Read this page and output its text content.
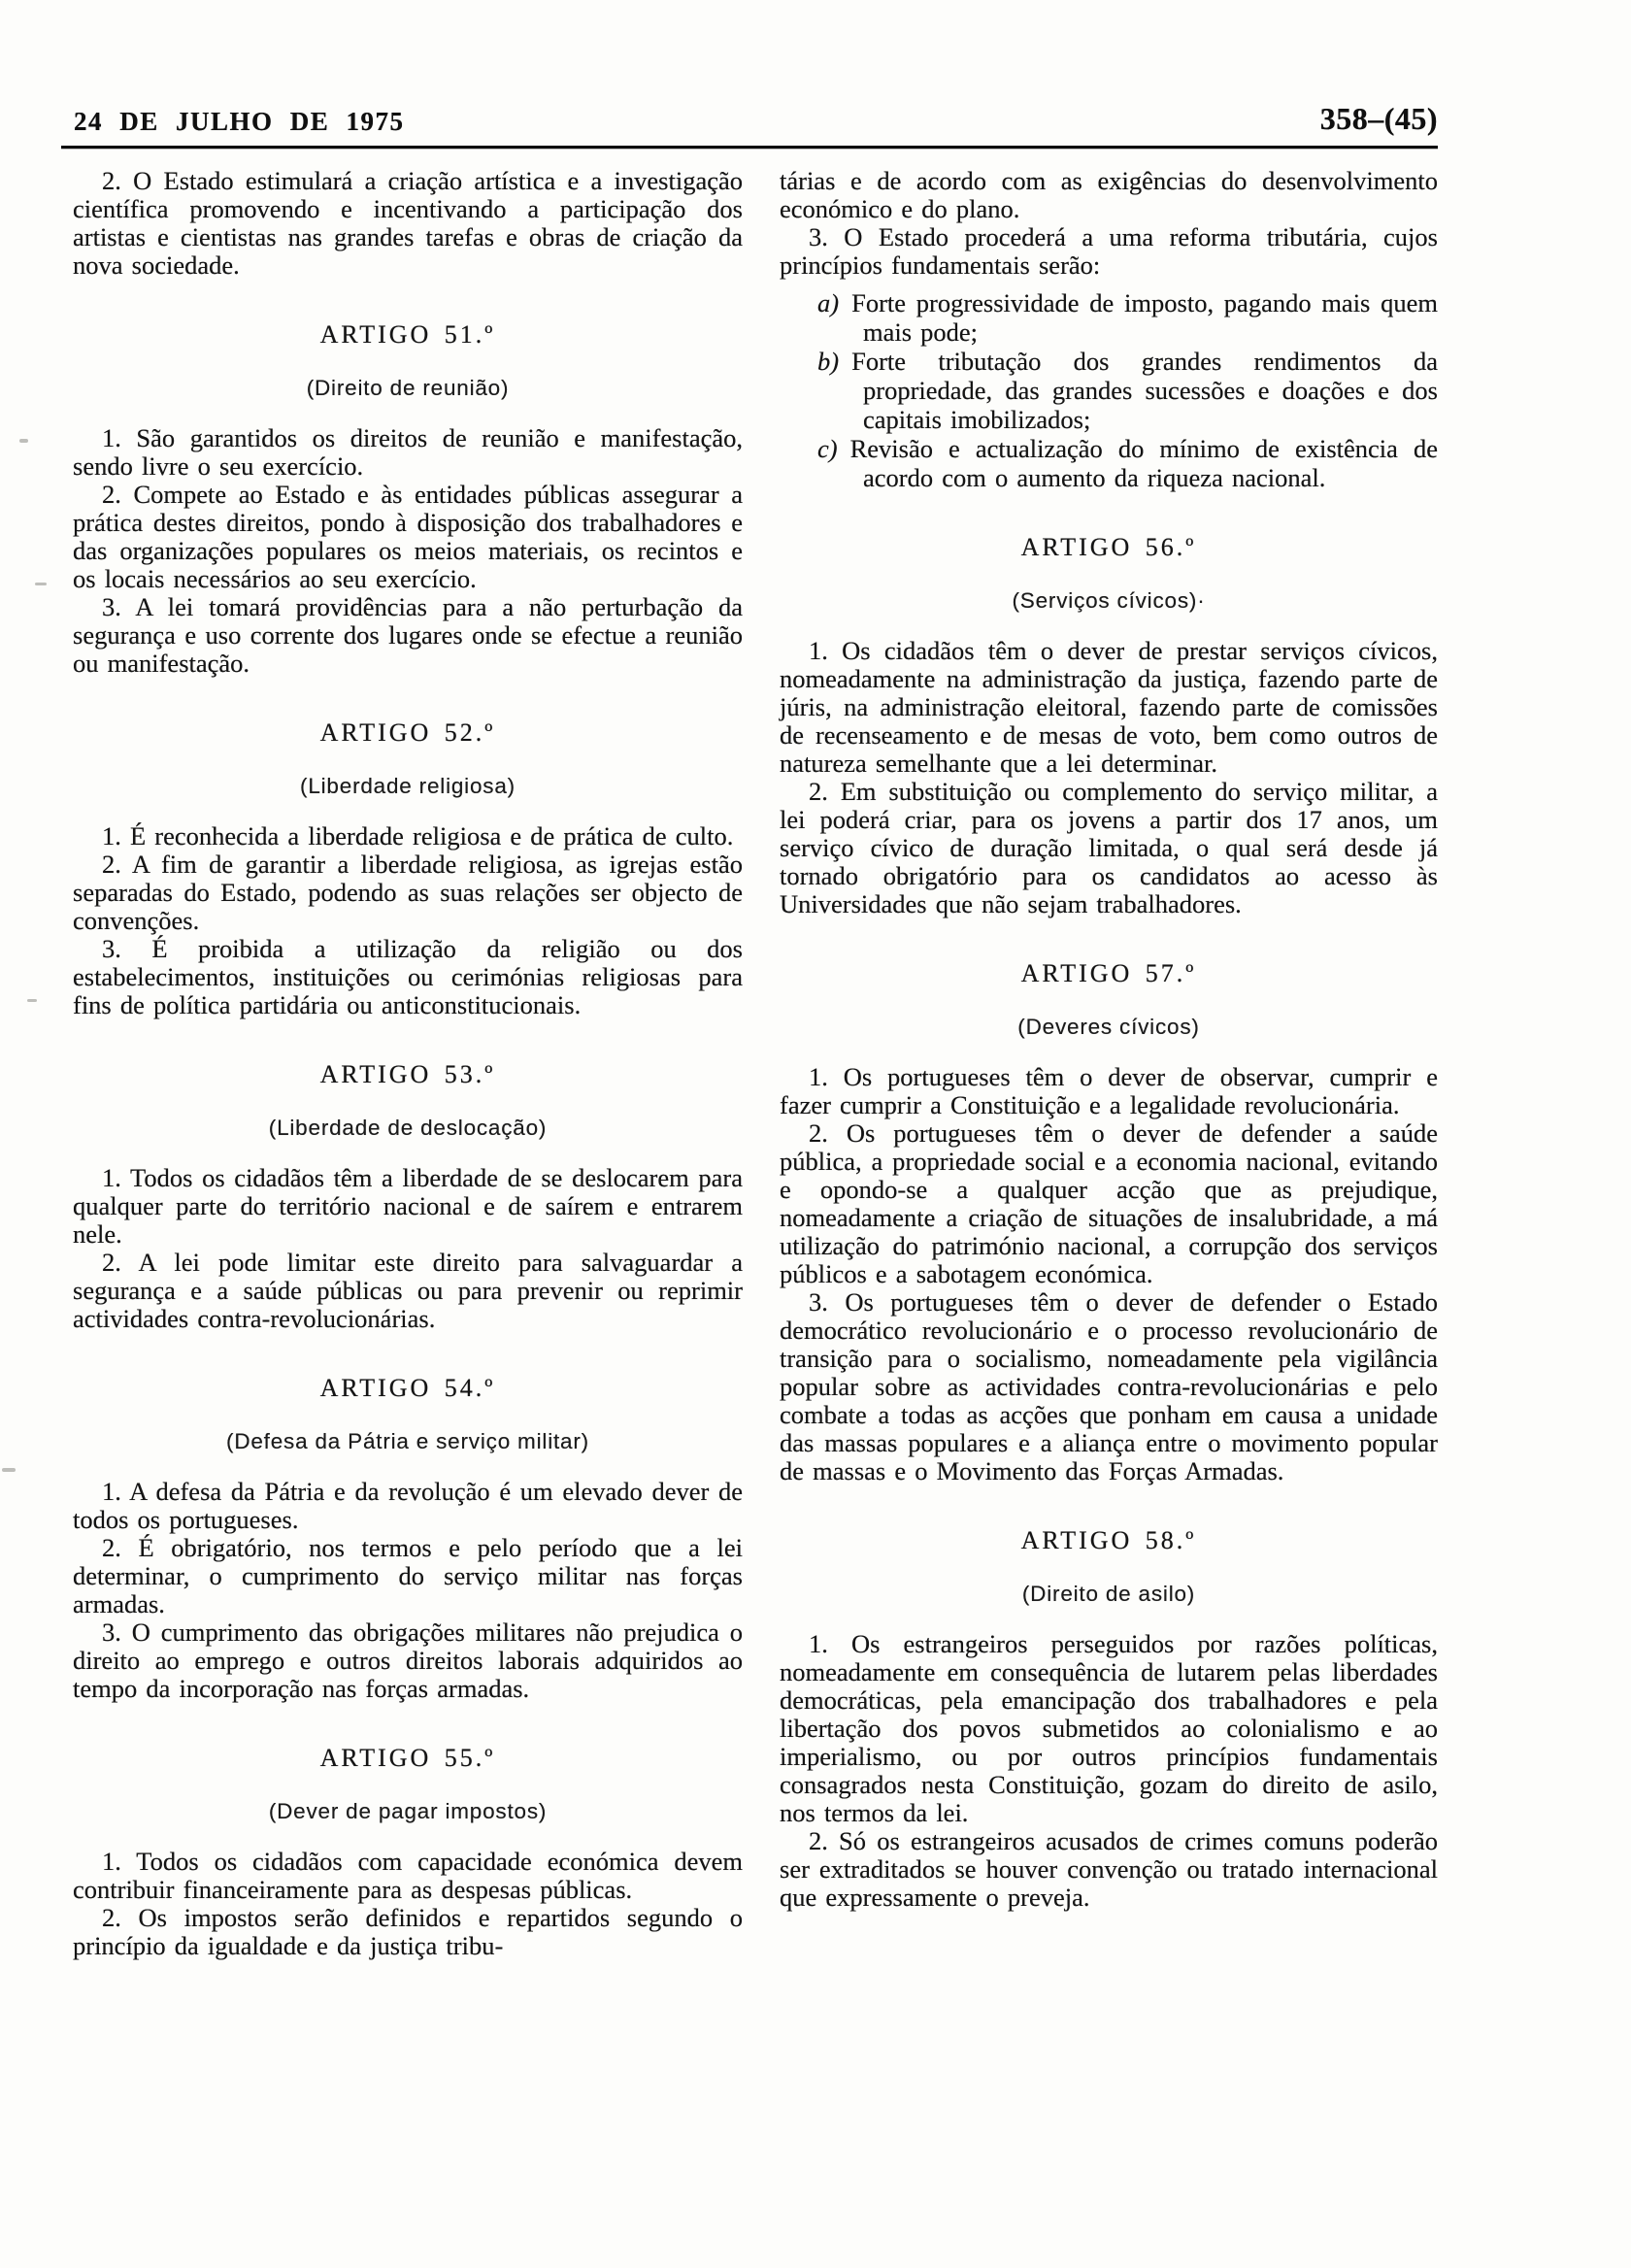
24 DE JULHO DE 1975	358–(45)

2. O Estado estimulará a criação artística e a investigação científica promovendo e incentivando a participação dos artistas e cientistas nas grandes tarefas e obras de criação da nova sociedade.

ARTIGO 51.º
(Direito de reunião)

1. São garantidos os direitos de reunião e manifestação, sendo livre o seu exercício.

2. Compete ao Estado e às entidades públicas assegurar a prática destes direitos, pondo à disposição dos trabalhadores e das organizações populares os meios materiais, os recintos e os locais necessários ao seu exercício.

3. A lei tomará providências para a não perturbação da segurança e uso corrente dos lugares onde se efectue a reunião ou manifestação.

ARTIGO 52.º
(Liberdade religiosa)

1. É reconhecida a liberdade religiosa e de prática de culto.

2. A fim de garantir a liberdade religiosa, as igrejas estão separadas do Estado, podendo as suas relações ser objecto de convenções.

3. É proibida a utilização da religião ou dos estabelecimentos, instituições ou cerimónias religiosas para fins de política partidária ou anticonstitucionais.

ARTIGO 53.º
(Liberdade de deslocação)

1. Todos os cidadãos têm a liberdade de se deslocarem para qualquer parte do território nacional e de saírem e entrarem nele.

2. A lei pode limitar este direito para salvaguardar a segurança e a saúde públicas ou para prevenir ou reprimir actividades contra-revolucionárias.

ARTIGO 54.º
(Defesa da Pátria e serviço militar)

1. A defesa da Pátria e da revolução é um elevado dever de todos os portugueses.

2. É obrigatório, nos termos e pelo período que a lei determinar, o cumprimento do serviço militar nas forças armadas.

3. O cumprimento das obrigações militares não prejudica o direito ao emprego e outros direitos laborais adquiridos ao tempo da incorporação nas forças armadas.

ARTIGO 55.º
(Dever de pagar impostos)

1. Todos os cidadãos com capacidade económica devem contribuir financeiramente para as despesas públicas.

2. Os impostos serão definidos e repartidos segundo o princípio da igualdade e da justiça tribu-

tárias e de acordo com as exigências do desenvolvimento económico e do plano.

3. O Estado procederá a uma reforma tributária, cujos princípios fundamentais serão:

a) Forte progressividade de imposto, pagando mais quem mais pode;

b) Forte tributação dos grandes rendimentos da propriedade, das grandes sucessões e doações e dos capitais imobilizados;

c) Revisão e actualização do mínimo de existência de acordo com o aumento da riqueza nacional.

ARTIGO 56.º
(Serviços cívicos)·

1. Os cidadãos têm o dever de prestar serviços cívicos, nomeadamente na administração da justiça, fazendo parte de júris, na administração eleitoral, fazendo parte de comissões de recenseamento e de mesas de voto, bem como outros de natureza semelhante que a lei determinar.

2. Em substituição ou complemento do serviço militar, a lei poderá criar, para os jovens a partir dos 17 anos, um serviço cívico de duração limitada, o qual será desde já tornado obrigatório para os candidatos ao acesso às Universidades que não sejam trabalhadores.

ARTIGO 57.º
(Deveres cívicos)

1. Os portugueses têm o dever de observar, cumprir e fazer cumprir a Constituição e a legalidade revolucionária.

2. Os portugueses têm o dever de defender a saúde pública, a propriedade social e a economia nacional, evitando e opondo-se a qualquer acção que as prejudique, nomeadamente a criação de situações de insalubridade, a má utilização do património nacional, a corrupção dos serviços públicos e a sabotagem económica.

3. Os portugueses têm o dever de defender o Estado democrático revolucionário e o processo revolucionário de transição para o socialismo, nomeadamente pela vigilância popular sobre as actividades contra-revolucionárias e pelo combate a todas as acções que ponham em causa a unidade das massas populares e a aliança entre o movimento popular de massas e o Movimento das Forças Armadas.

ARTIGO 58.º
(Direito de asilo)

1. Os estrangeiros perseguidos por razões políticas, nomeadamente em consequência de lutarem pelas liberdades democráticas, pela emancipação dos trabalhadores e pela libertação dos povos submetidos ao colonialismo e ao imperialismo, ou por outros princípios fundamentais consagrados nesta Constituição, gozam do direito de asilo, nos termos da lei.

2. Só os estrangeiros acusados de crimes comuns poderão ser extraditados se houver convenção ou tratado internacional que expressamente o preveja.
